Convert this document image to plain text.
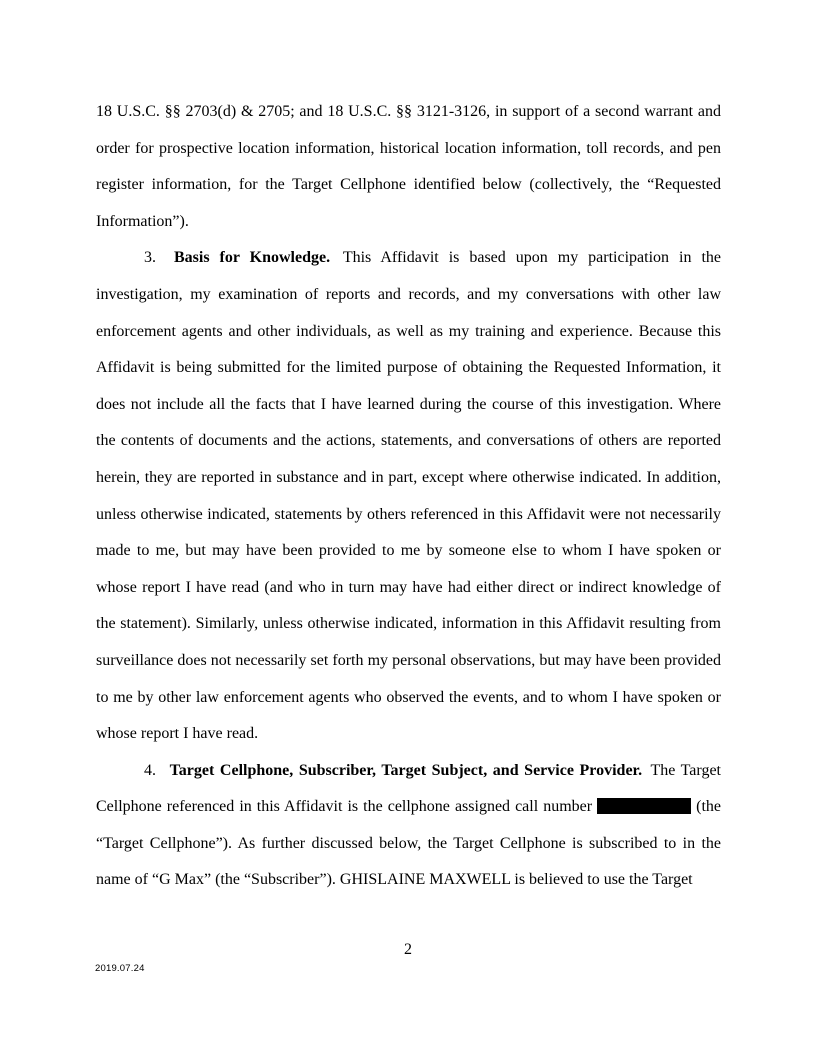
18 U.S.C. §§ 2703(d) & 2705; and 18 U.S.C. §§ 3121-3126, in support of a second warrant and order for prospective location information, historical location information, toll records, and pen register information, for the Target Cellphone identified below (collectively, the “Requested Information”).

3. Basis for Knowledge. This Affidavit is based upon my participation in the investigation, my examination of reports and records, and my conversations with other law enforcement agents and other individuals, as well as my training and experience. Because this Affidavit is being submitted for the limited purpose of obtaining the Requested Information, it does not include all the facts that I have learned during the course of this investigation. Where the contents of documents and the actions, statements, and conversations of others are reported herein, they are reported in substance and in part, except where otherwise indicated. In addition, unless otherwise indicated, statements by others referenced in this Affidavit were not necessarily made to me, but may have been provided to me by someone else to whom I have spoken or whose report I have read (and who in turn may have had either direct or indirect knowledge of the statement). Similarly, unless otherwise indicated, information in this Affidavit resulting from surveillance does not necessarily set forth my personal observations, but may have been provided to me by other law enforcement agents who observed the events, and to whom I have spoken or whose report I have read.

4. Target Cellphone, Subscriber, Target Subject, and Service Provider. The Target Cellphone referenced in this Affidavit is the cellphone assigned call number	(the “Target Cellphone”). As further discussed below, the Target Cellphone is subscribed to in the name of “G Max” (the “Subscriber”). GHISLAINE MAXWELL is believed to use the Target

2
2019.07.24
